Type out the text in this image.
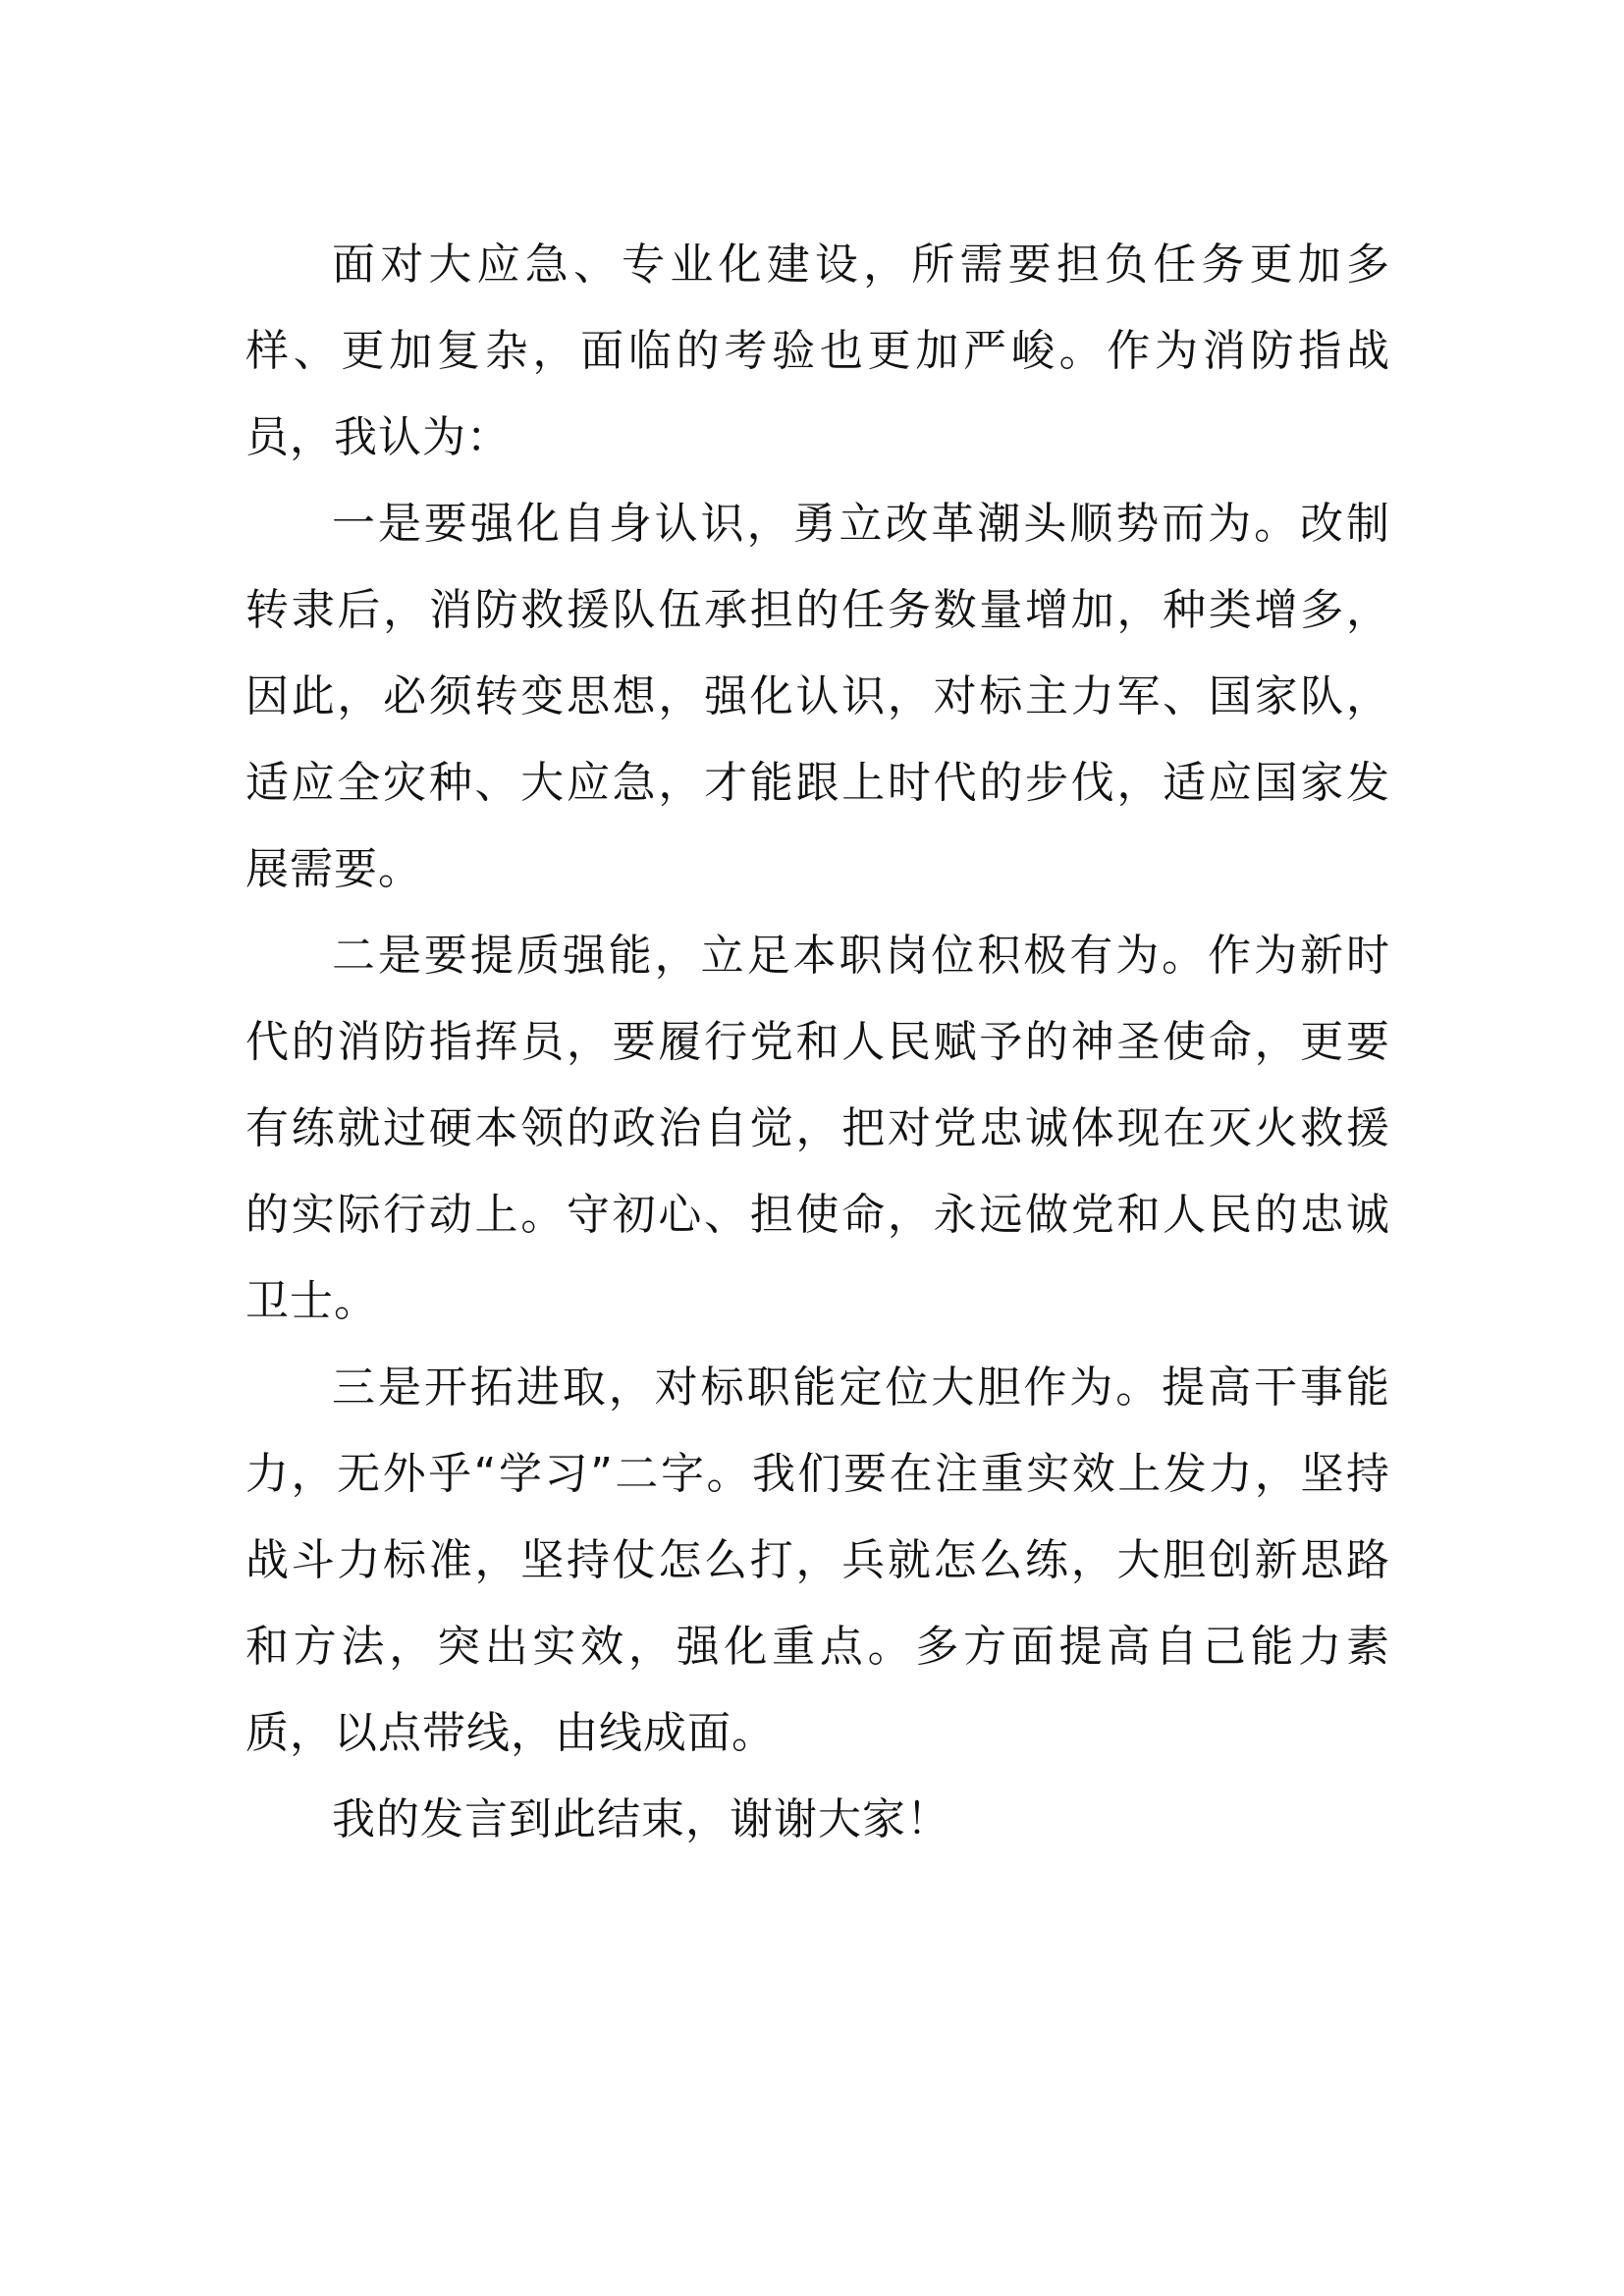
面对大应急、专业化建设，所需要担负任务更加多样、更加复杂，面临的考验也更加严峻。作为消防指战员，我认为：

一是要强化自身认识，勇立改革潮头顺势而为。改制转隶后，消防救援队伍承担的任务数量增加，种类增多，因此，必须转变思想，强化认识，对标主力军、国家队，适应全灾种、大应急，才能跟上时代的步伐，适应国家发展需要。

二是要提质强能，立足本职岗位积极有为。作为新时代的消防指挥员，要履行党和人民赋予的神圣使命，更要有练就过硬本领的政治自觉，把对党忠诚体现在灭火救援的实际行动上。守初心、担使命，永远做党和人民的忠诚卫士。

三是开拓进取，对标职能定位大胆作为。提高干事能力，无外乎“学习”二字。我们要在注重实效上发力，坚持战斗力标准，坚持仗怎么打，兵就怎么练，大胆创新思路和方法，突出实效，强化重点。多方面提高自己能力素质，以点带线，由线成面。

我的发言到此结束，谢谢大家！
